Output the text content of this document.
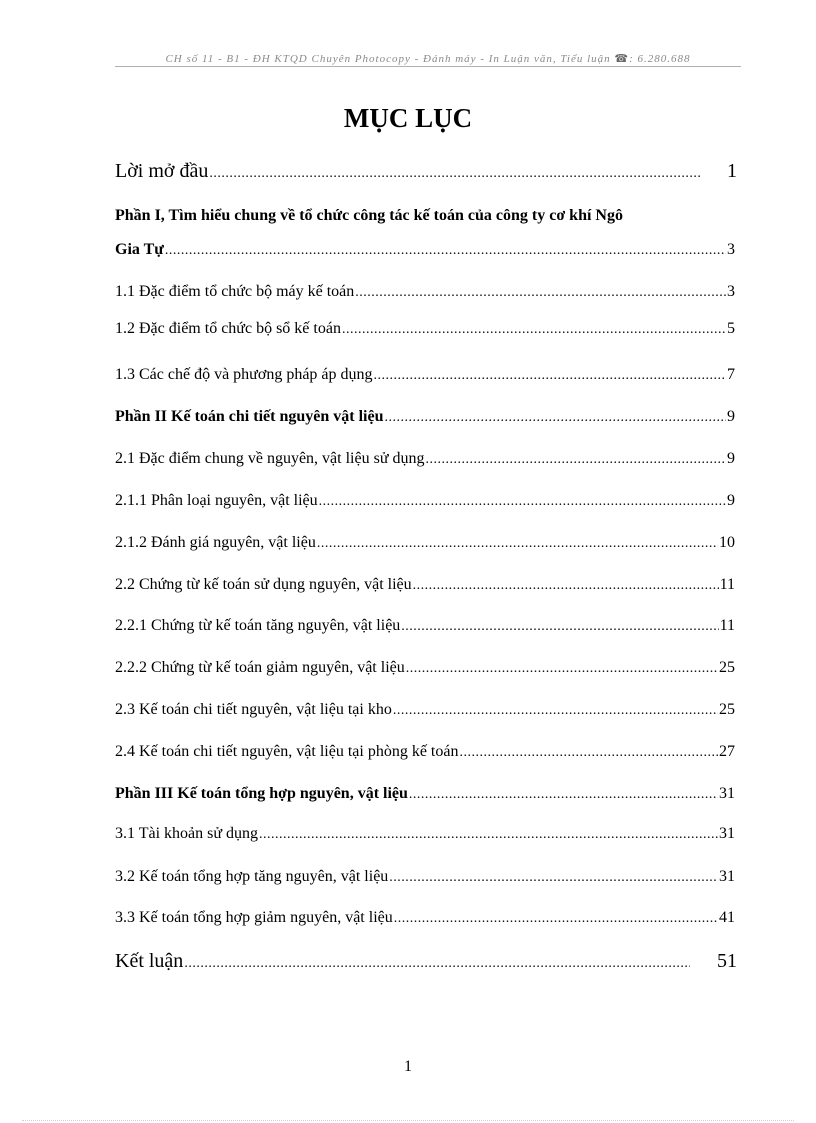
CH số 11 - B1 - ĐH KTQD Chuyên Photocopy - Đánh máy - In Luận văn, Tiểu luận ☎: 6.280.688
MỤC LỤC
Lời mở đầu .....	1
Phần I, Tìm hiểu chung về tổ chức công tác kế toán của công ty cơ khí Ngô
Gia Tự .....	3
1.1 Đặc điểm tổ chức bộ máy kế toán .....	3
1.2 Đặc điểm tổ chức bộ sổ kế toán .....	5
1.3 Các chế độ và phương pháp áp dụng .....	7
Phần II Kế toán chi tiết nguyên vật liệu .....	9
2.1 Đặc điểm chung về nguyên, vật liệu sử dụng .....	9
2.1.1 Phân loại nguyên, vật liệu .....	9
2.1.2 Đánh giá nguyên, vật liệu .....	10
2.2 Chứng từ kế toán sử dụng nguyên, vật liệu .....	11
2.2.1 Chứng từ kế toán tăng nguyên, vật liệu .....	11
2.2.2 Chứng từ kế toán giảm nguyên, vật liệu .....	25
2.3 Kế toán chi tiết nguyên, vật liệu tại kho .....	25
2.4 Kế toán chi tiết nguyên, vật liệu tại phòng kế toán .....	27
Phần III Kế toán tổng hợp nguyên, vật liệu .....	31
3.1 Tài khoản sử dụng .....	31
3.2 Kế toán tổng hợp tăng nguyên, vật liệu .....	31
3.3 Kế toán tổng hợp giảm nguyên, vật liệu .....	41
Kết luận .....	51
1
